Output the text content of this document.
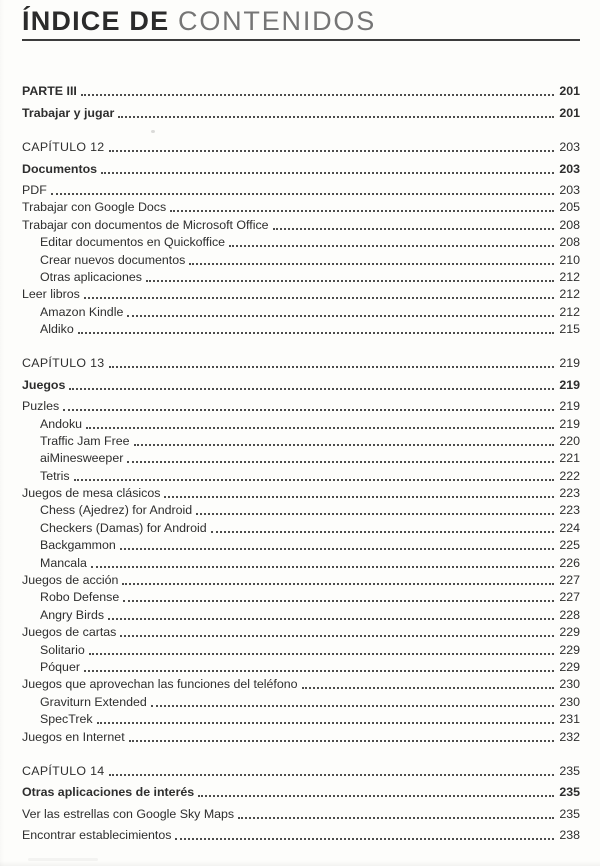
ÍNDICE DE CONTENIDOS
PARTE III	201
Trabajar y jugar	201
CAPÍTULO 12	203
Documentos	203
PDF	203
Trabajar con Google Docs	205
Trabajar con documentos de Microsoft Office	208
Editar documentos en Quickoffice	208
Crear nuevos documentos	210
Otras aplicaciones	212
Leer libros	212
Amazon Kindle	212
Aldiko	215
CAPÍTULO 13	219
Juegos	219
Puzles	219
Andoku	219
Traffic Jam Free	220
aiMinesweeper	221
Tetris	222
Juegos de mesa clásicos	223
Chess (Ajedrez) for Android	223
Checkers (Damas) for Android	224
Backgammon	225
Mancala	226
Juegos de acción	227
Robo Defense	227
Angry Birds	228
Juegos de cartas	229
Solitario	229
Póquer	229
Juegos que aprovechan las funciones del teléfono	230
Graviturn Extended	230
SpecTrek	231
Juegos en Internet	232
CAPÍTULO 14	235
Otras aplicaciones de interés	235
Ver las estrellas con Google Sky Maps	235
Encontrar establecimientos	238
